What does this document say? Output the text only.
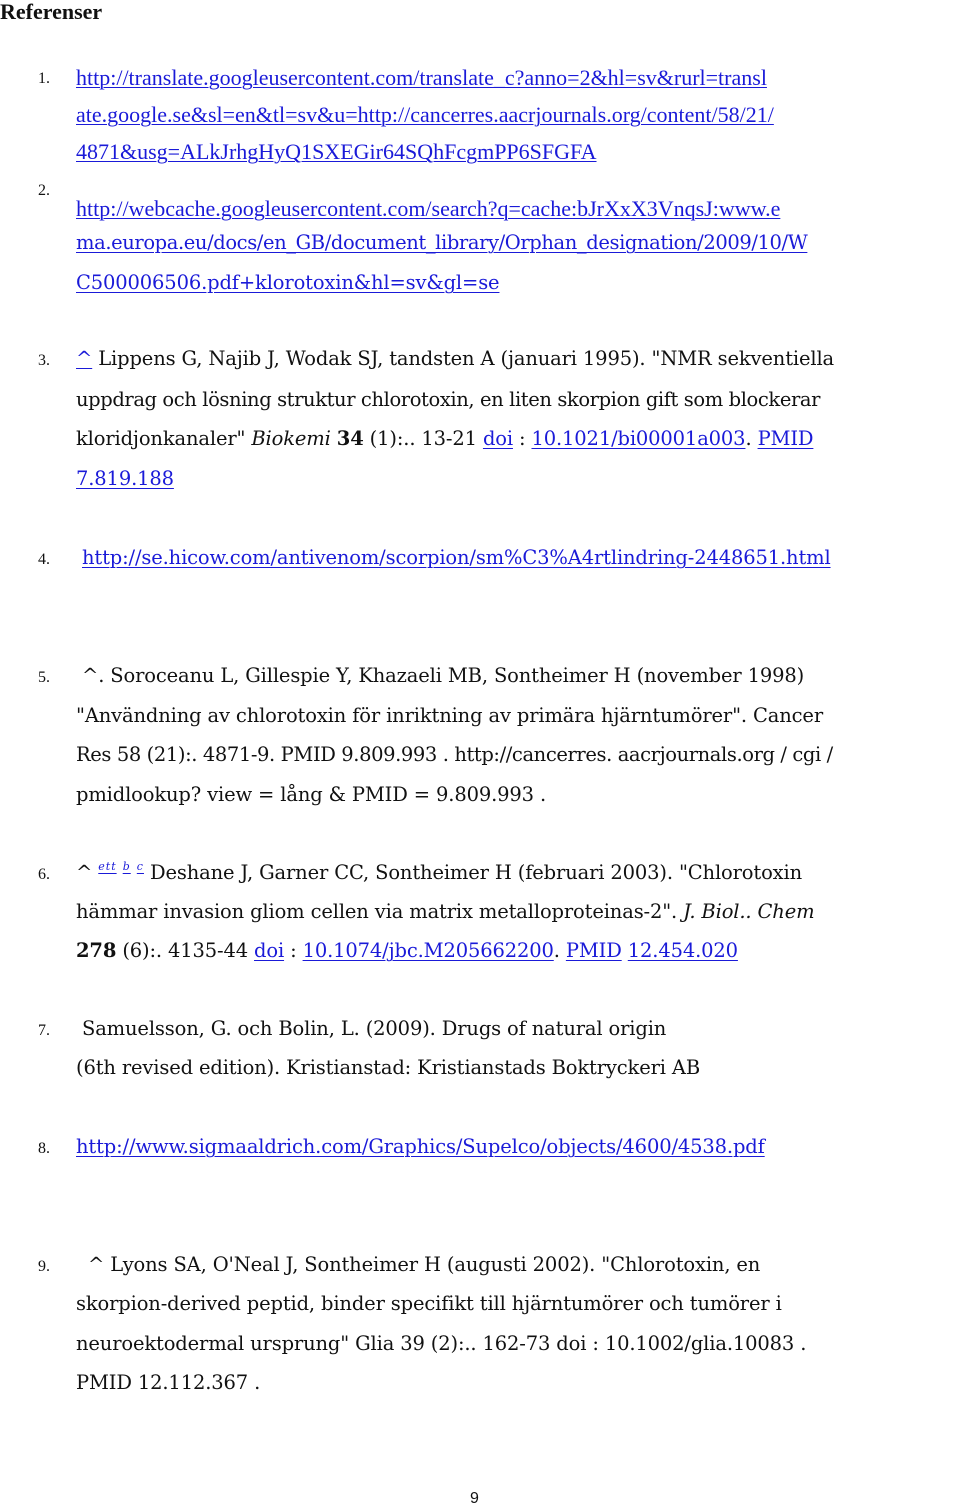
Referenser
1. http://translate.googleusercontent.com/translate_c?anno=2&hl=sv&rurl=transl
ate.google.se&sl=en&tl=sv&u=http://cancerres.aacrjournals.org/content/58/21/
4871&usg=ALkJrhgHyQ1SXEGir64SQhFcgmPP6SFGFA
2.
http://webcache.googleusercontent.com/search?q=cache:bJrXxX3VnqsJ:www.e
ma.europa.eu/docs/en_GB/document_library/Orphan_designation/2009/10/W
C500006506.pdf+klorotoxin&hl=sv&gl=se
3. ^ Lippens G, Najib J, Wodak SJ, tandsten A (januari 1995). "NMR sekventiella
uppdrag och lösning struktur chlorotoxin, en liten skorpion gift som blockerar
kloridjonkanaler" Biokemi 34 (1):.. 13-21 doi : 10.1021/bi00001a003. PMID
7.819.188
4. http://se.hicow.com/antivenom/scorpion/sm%C3%A4rtlindring-2448651.html
5. ^. Soroceanu L, Gillespie Y, Khazaeli MB, Sontheimer H (november 1998)
"Användning av chlorotoxin för inriktning av primära hjärntumörer". Cancer
Res 58 (21):. 4871-9. PMID 9.809.993 . http://cancerres. aacrjournals.org / cgi /
pmidlookup? view = lång & PMID = 9.809.993 .
6. ^ $^{ett}$ $^b$ $^c$ Deshane J, Garner CC, Sontheimer H (februari 2003). "Chlorotoxin
hämmar invasion gliom cellen via matrix metalloproteinas-2". J. Biol.. Chem
278 (6):. 4135-44 doi : 10.1074/jbc.M205662200. PMID 12.454.020
7. Samuelsson, G. och Bolin, L. (2009). Drugs of natural origin
(6th revised edition). Kristianstad: Kristianstads Boktryckeri AB
8. http://www.sigmaaldrich.com/Graphics/Supelco/objects/4600/4538.pdf
9. ^ Lyons SA, O'Neal J, Sontheimer H (augusti 2002). "Chlorotoxin, en
skorpion-derived peptid, binder specifikt till hjärntumörer och tumörer i
neuroektodermal ursprung" Glia 39 (2):.. 162-73 doi : 10.1002/glia.10083 .
PMID 12.112.367 .
9
